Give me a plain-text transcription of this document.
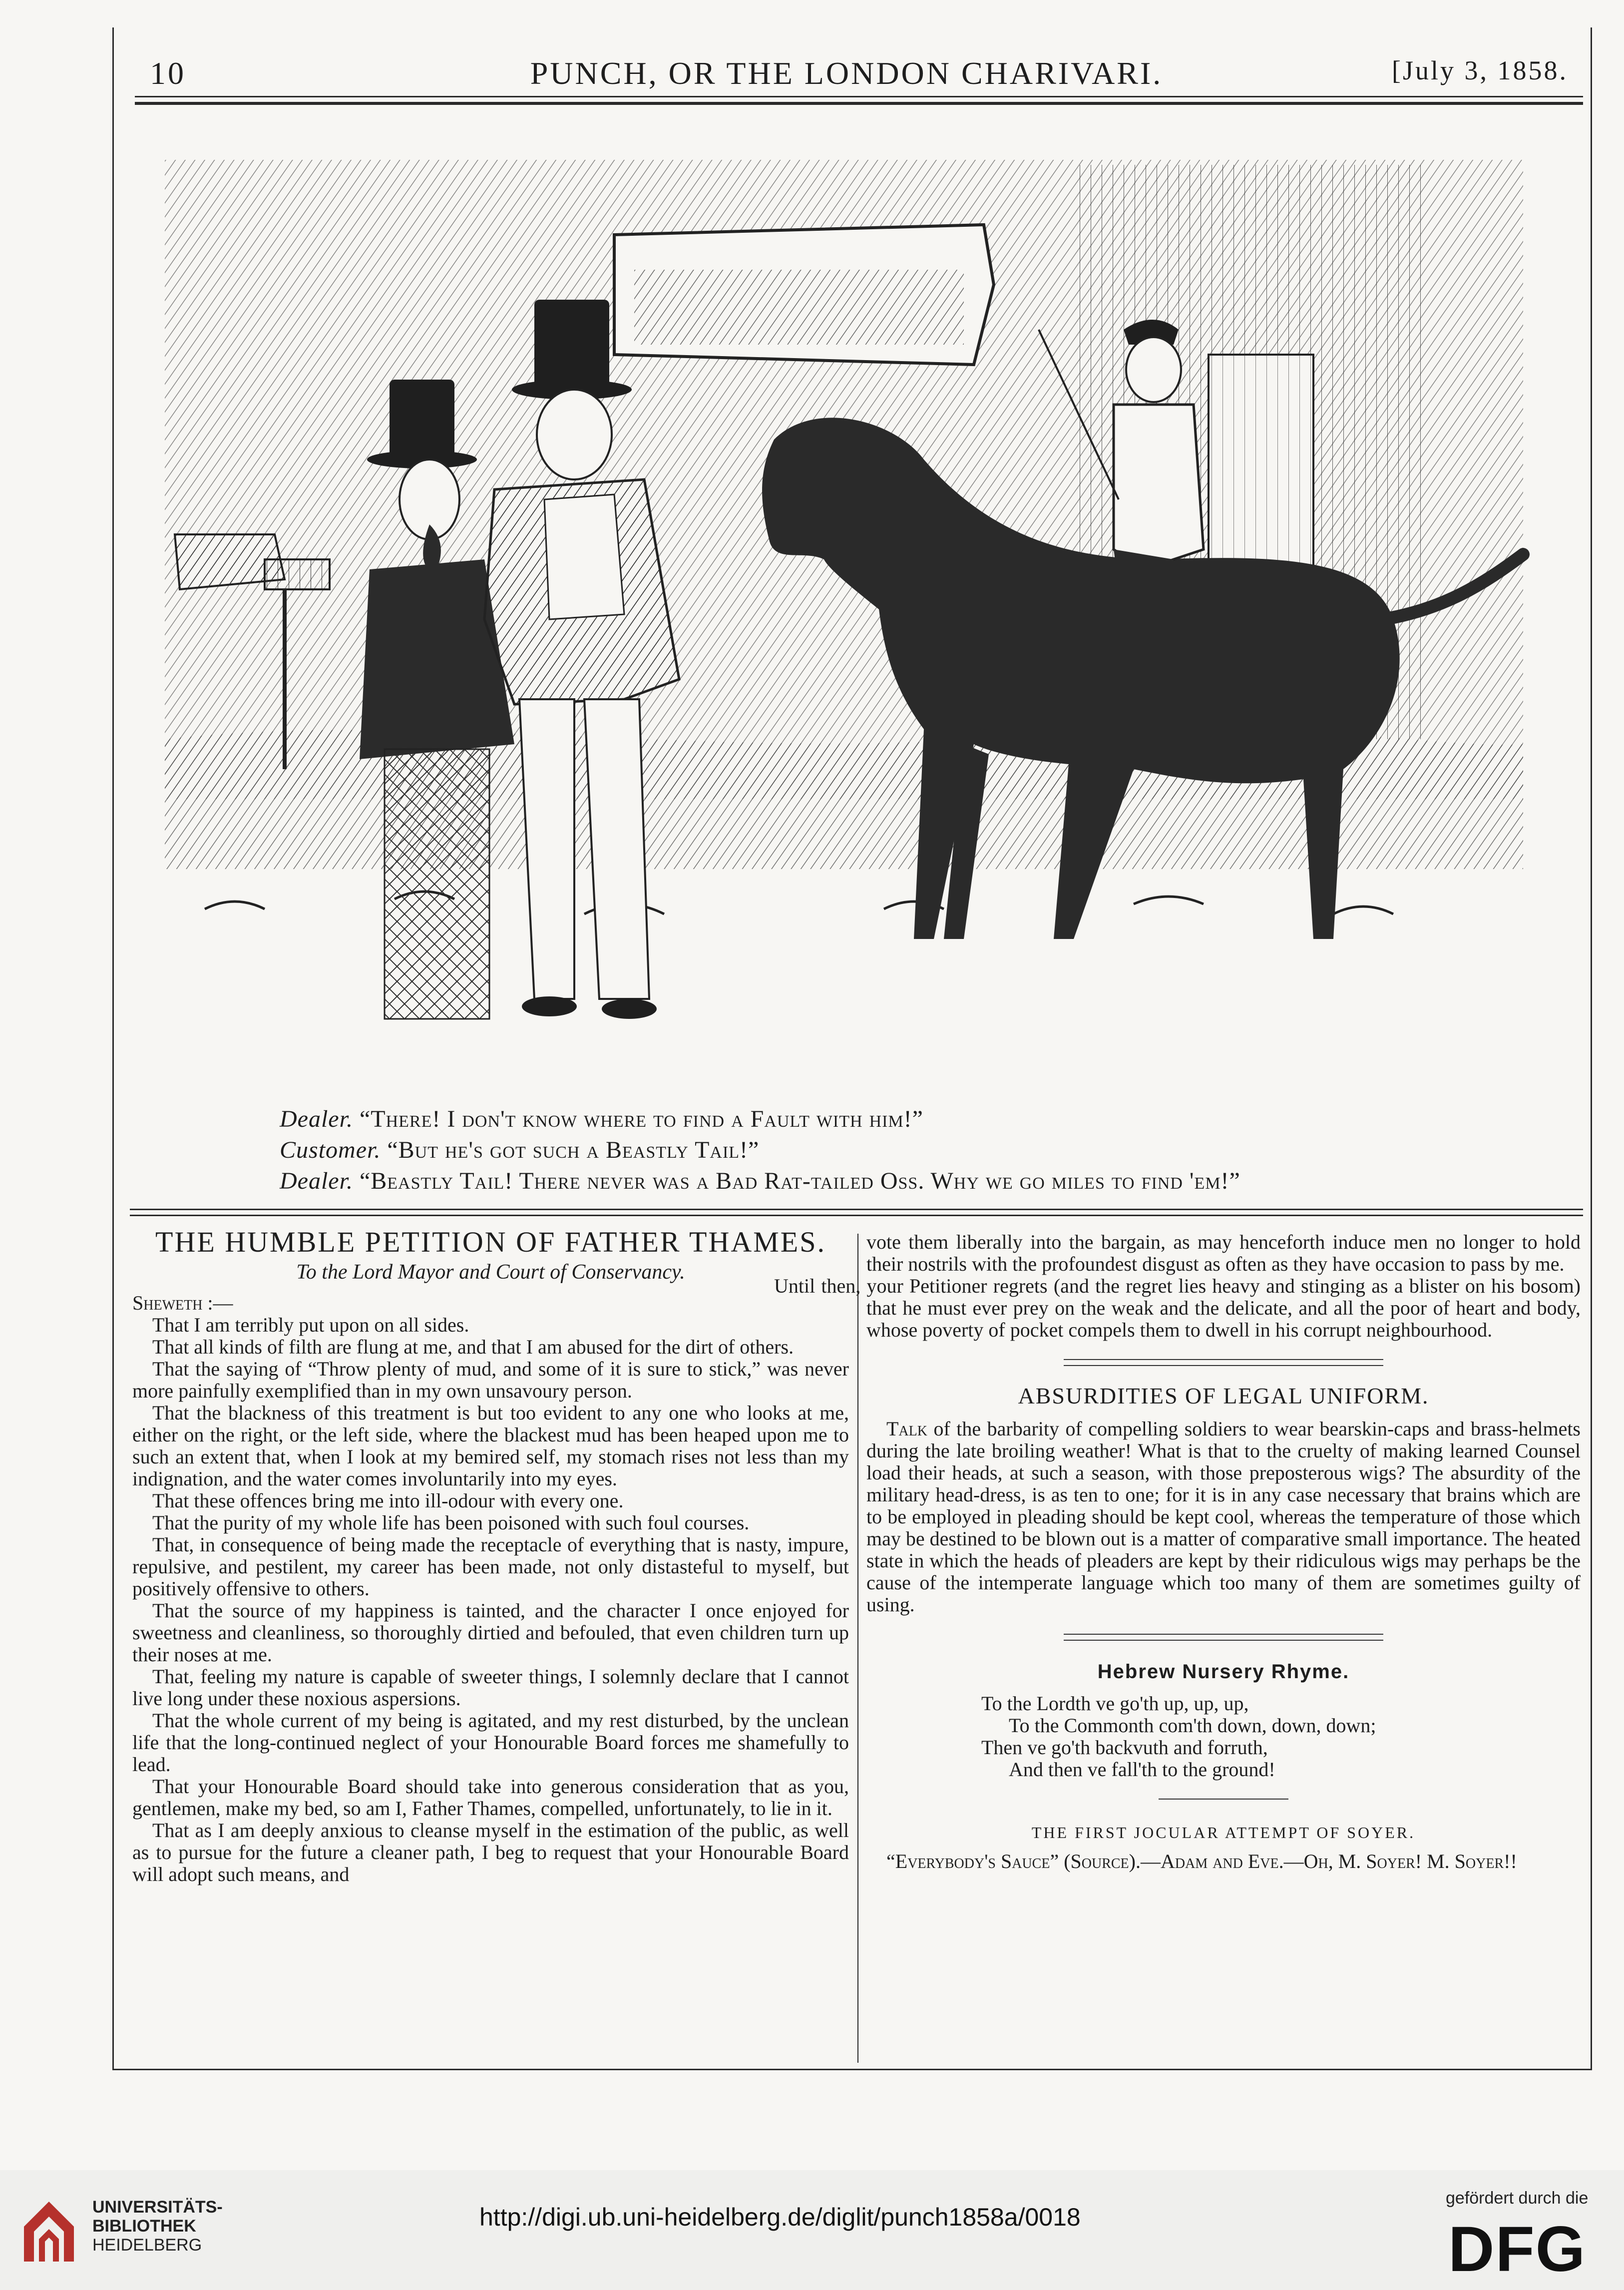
10	PUNCH, OR THE LONDON CHARIVARI.	[July 3, 1858.
Dealer. “There! I don't know where to find a Fault with him!”
Customer. “But he's got such a Beastly Tail!”
Dealer. “Beastly Tail! There never was a Bad Rat-tailed Oss. Why we go miles to find 'em!”
THE HUMBLE PETITION OF FATHER THAMES.
To the Lord Mayor and Court of Conservancy.

Sheweth :—

That I am terribly put upon on all sides.

That all kinds of filth are flung at me, and that I am abused for the dirt of others.

That the saying of “Throw plenty of mud, and some of it is sure to stick,” was never more painfully exemplified than in my own unsavoury person.

That the blackness of this treatment is but too evident to any one who looks at me, either on the right, or the left side, where the blackest mud has been heaped upon me to such an extent that, when I look at my bemired self, my stomach rises not less than my indignation, and the water comes involuntarily into my eyes.

That these offences bring me into ill-odour with every one.

That the purity of my whole life has been poisoned with such foul courses.

That, in consequence of being made the receptacle of everything that is nasty, impure, repulsive, and pestilent, my career has been made, not only distasteful to myself, but positively offensive to others.

That the source of my happiness is tainted, and the character I once enjoyed for sweetness and cleanliness, so thoroughly dirtied and befouled, that even children turn up their noses at me.

That, feeling my nature is capable of sweeter things, I solemnly declare that I cannot live long under these noxious aspersions.

That the whole current of my being is agitated, and my rest disturbed, by the unclean life that the long-continued neglect of your Honourable Board forces me shamefully to lead.

That your Honourable Board should take into generous consideration that as you, gentlemen, make my bed, so am I, Father Thames, compelled, unfortunately, to lie in it.

That as I am deeply anxious to cleanse myself in the estimation of the public, as well as to pursue for the future a cleaner path, I beg to request that your Honourable Board will adopt such means, and

vote them liberally into the bargain, as may henceforth induce men no longer to hold their nostrils with the profoundest disgust as often as they have occasion to pass by me.

Until then, your Petitioner regrets (and the regret lies heavy and stinging as a blister on his bosom) that he must ever prey on the weak and the delicate, and all the poor of heart and body, whose poverty of pocket compels them to dwell in his corrupt neighbourhood.

ABSURDITIES OF LEGAL UNIFORM.

Talk of the barbarity of compelling soldiers to wear bearskin-caps and brass-helmets during the late broiling weather! What is that to the cruelty of making learned Counsel load their heads, at such a season, with those preposterous wigs? The absurdity of the military head-dress, is as ten to one; for it is in any case necessary that brains which are to be employed in pleading should be kept cool, whereas the temperature of those which may be destined to be blown out is a matter of comparative small importance. The heated state in which the heads of pleaders are kept by their ridiculous wigs may perhaps be the cause of the intemperate language which too many of them are sometimes guilty of using.

Hebrew Nursery Rhyme.
To the Lordth ve go'th up, up, up,
To the Commonth com'th down, down, down;
Then ve go'th backvuth and forruth,
And then ve fall'th to the ground!
THE FIRST JOCULAR ATTEMPT OF SOYER.

“Everybody's Sauce” (Source).—Adam and Eve.—Oh, M. Soyer! M. Soyer!!

UNIVERSITÄTS-
BIBLIOTHEK
HEIDELBERG
http://digi.ub.uni-heidelberg.de/diglit/punch1858a/0018
gefördert durch die
DFG
